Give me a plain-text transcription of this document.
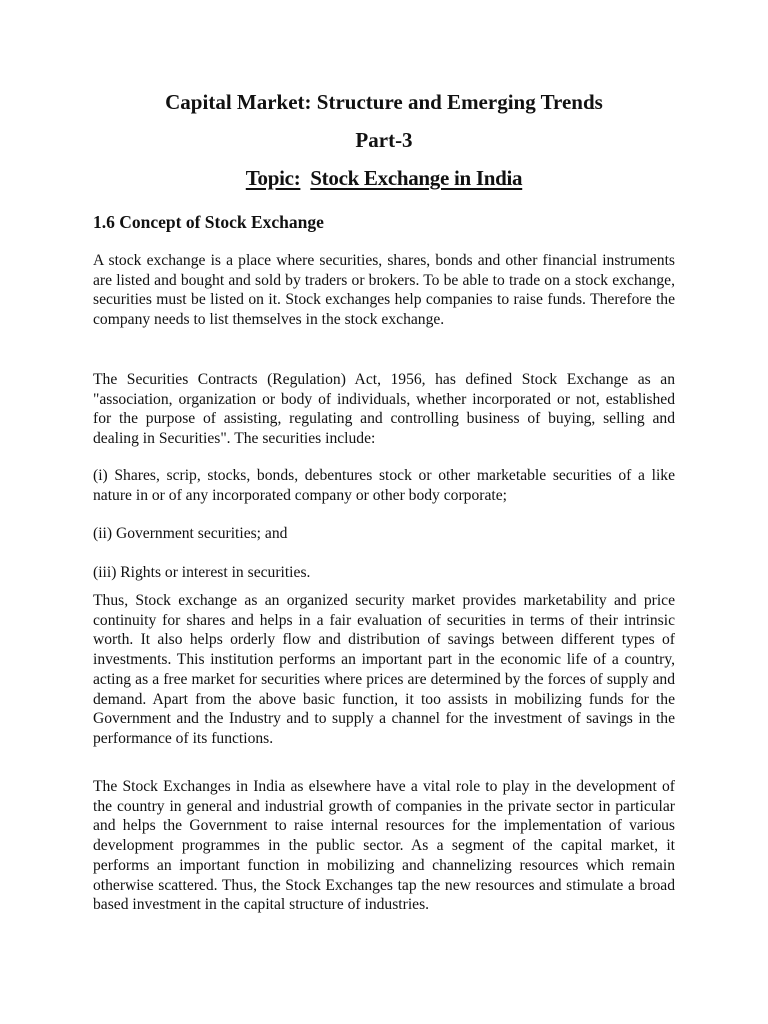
Capital Market: Structure and Emerging Trends
Part-3
Topic: Stock Exchange in India
1.6 Concept of Stock Exchange

A stock exchange is a place where securities, shares, bonds and other financial instruments are listed and bought and sold by traders or brokers. To be able to trade on a stock exchange, securities must be listed on it. Stock exchanges help companies to raise funds. Therefore the company needs to list themselves in the stock exchange.

The Securities Contracts (Regulation) Act, 1956, has defined Stock Exchange as an "association, organization or body of individuals, whether incorporated or not, established for the purpose of assisting, regulating and controlling business of buying, selling and dealing in Securities". The securities include:

(i) Shares, scrip, stocks, bonds, debentures stock or other marketable securities of a like nature in or of any incorporated company or other body corporate;

(ii) Government securities; and

(iii) Rights or interest in securities.

Thus, Stock exchange as an organized security market provides marketability and price continuity for shares and helps in a fair evaluation of securities in terms of their intrinsic worth. It also helps orderly flow and distribution of savings between different types of investments. This institution performs an important part in the economic life of a country, acting as a free market for securities where prices are determined by the forces of supply and demand. Apart from the above basic function, it too assists in mobilizing funds for the Government and the Industry and to supply a channel for the investment of savings in the performance of its functions.

The Stock Exchanges in India as elsewhere have a vital role to play in the development of the country in general and industrial growth of companies in the private sector in particular and helps the Government to raise internal resources for the implementation of various development programmes in the public sector. As a segment of the capital market, it performs an important function in mobilizing and channelizing resources which remain otherwise scattered. Thus, the Stock Exchanges tap the new resources and stimulate a broad based investment in the capital structure of industries.
